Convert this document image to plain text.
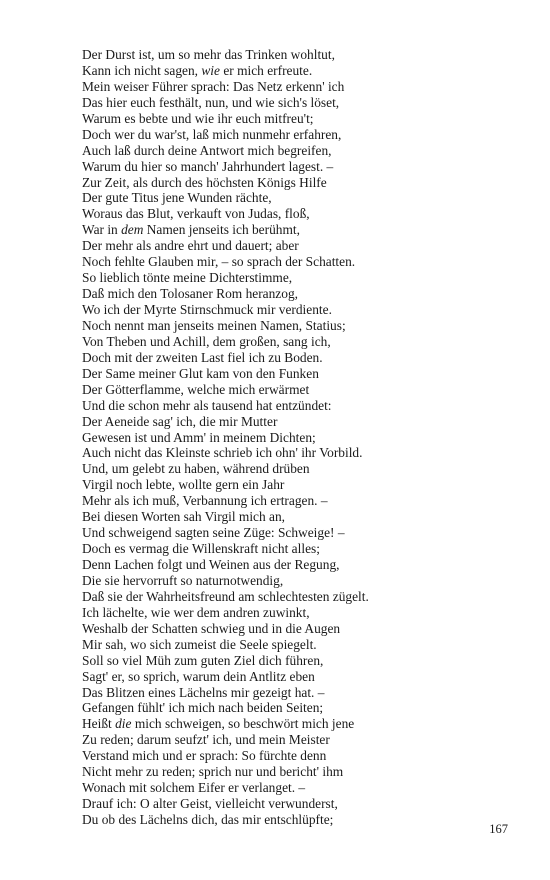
Der Durst ist, um so mehr das Trinken wohltut,
Kann ich nicht sagen, wie er mich erfreute.
Mein weiser Führer sprach: Das Netz erkenn' ich
Das hier euch festhält, nun, und wie sich's löset,
Warum es bebte und wie ihr euch mitfreu't;
Doch wer du war'st, laß mich nunmehr erfahren,
Auch laß durch deine Antwort mich begreifen,
Warum du hier so manch' Jahrhundert lagest. –
Zur Zeit, als durch des höchsten Königs Hilfe
Der gute Titus jene Wunden rächte,
Woraus das Blut, verkauft von Judas, floß,
War in dem Namen jenseits ich berühmt,
Der mehr als andre ehrt und dauert; aber
Noch fehlte Glauben mir, – so sprach der Schatten.
So lieblich tönte meine Dichterstimme,
Daß mich den Tolosaner Rom heranzog,
Wo ich der Myrte Stirnschmuck mir verdiente.
Noch nennt man jenseits meinen Namen, Statius;
Von Theben und Achill, dem großen, sang ich,
Doch mit der zweiten Last fiel ich zu Boden.
Der Same meiner Glut kam von den Funken
Der Götterflamme, welche mich erwärmet
Und die schon mehr als tausend hat entzündet:
Der Aeneide sag' ich, die mir Mutter
Gewesen ist und Amm' in meinem Dichten;
Auch nicht das Kleinste schrieb ich ohn' ihr Vorbild.
Und, um gelebt zu haben, während drüben
Virgil noch lebte, wollte gern ein Jahr
Mehr als ich muß, Verbannung ich ertragen. –
Bei diesen Worten sah Virgil mich an,
Und schweigend sagten seine Züge: Schweige! –
Doch es vermag die Willenskraft nicht alles;
Denn Lachen folgt und Weinen aus der Regung,
Die sie hervorruft so naturnotwendig,
Daß sie der Wahrheitsfreund am schlechtesten zügelt.
Ich lächelte, wie wer dem andren zuwinkt,
Weshalb der Schatten schwieg und in die Augen
Mir sah, wo sich zumeist die Seele spiegelt.
Soll so viel Müh zum guten Ziel dich führen,
Sagt' er, so sprich, warum dein Antlitz eben
Das Blitzen eines Lächelns mir gezeigt hat. –
Gefangen fühlt' ich mich nach beiden Seiten;
Heißt die mich schweigen, so beschwört mich jene
Zu reden; darum seufzt' ich, und mein Meister
Verstand mich und er sprach: So fürchte denn
Nicht mehr zu reden; sprich nur und bericht' ihm
Wonach mit solchem Eifer er verlanget. –
Drauf ich: O alter Geist, vielleicht verwunderst,
Du ob des Lächelns dich, das mir entschlüpfte;
167
